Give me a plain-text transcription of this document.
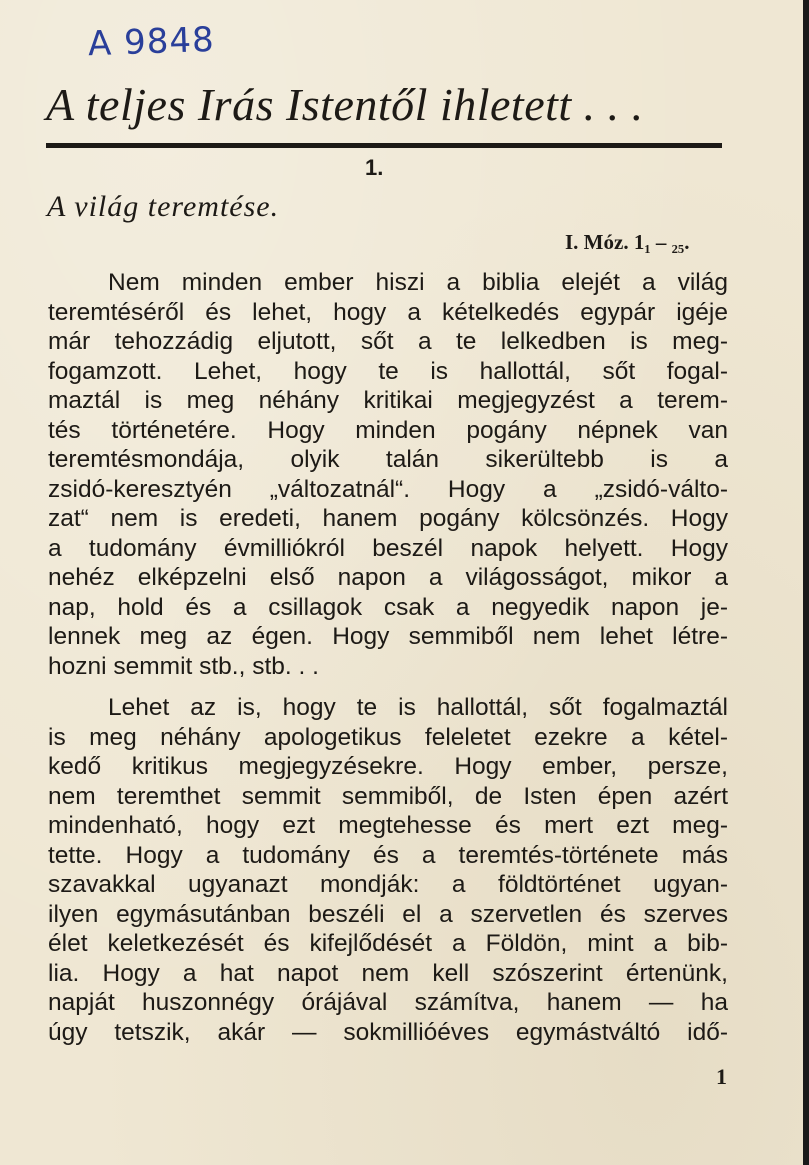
A 9848
A teljes Irás Istentől ihletett . . .
1.
A világ teremtése.
I. Móz. 1₁ – ₂₅.
Nem minden ember hiszi a biblia elejét a világ
teremtéséről és lehet, hogy a kételkedés egypár igéje
már tehozzádig eljutott, sőt a te lelkedben is meg-
fogamzott. Lehet, hogy te is hallottál, sőt fogal-
maztál is meg néhány kritikai megjegyzést a terem-
tés történetére. Hogy minden pogány népnek van
teremtésmondája, olyik talán sikerültebb is a
zsidó-keresztyén „változatnál“. Hogy a „zsidó-válto-
zat“ nem is eredeti, hanem pogány kölcsönzés. Hogy
a tudomány évmilliókról beszél napok helyett. Hogy
nehéz elképzelni első napon a világosságot, mikor a
nap, hold és a csillagok csak a negyedik napon je-
lennek meg az égen. Hogy semmiből nem lehet létre-
hozni semmit stb., stb. . .
Lehet az is, hogy te is hallottál, sőt fogalmaztál
is meg néhány apologetikus feleletet ezekre a kétel-
kedő kritikus megjegyzésekre. Hogy ember, persze,
nem teremthet semmit semmiből, de Isten épen azért
mindenható, hogy ezt megtehesse és mert ezt meg-
tette. Hogy a tudomány és a teremtés-története más
szavakkal ugyanazt mondják: a földtörténet ugyan-
ilyen egymásutánban beszéli el a szervetlen és szerves
élet keletkezését és kifejlődését a Földön, mint a bib-
lia. Hogy a hat napot nem kell szószerint értenünk,
napját huszonnégy órájával számítva, hanem — ha
úgy tetszik, akár — sokmillióéves egymástváltó idő-
1
